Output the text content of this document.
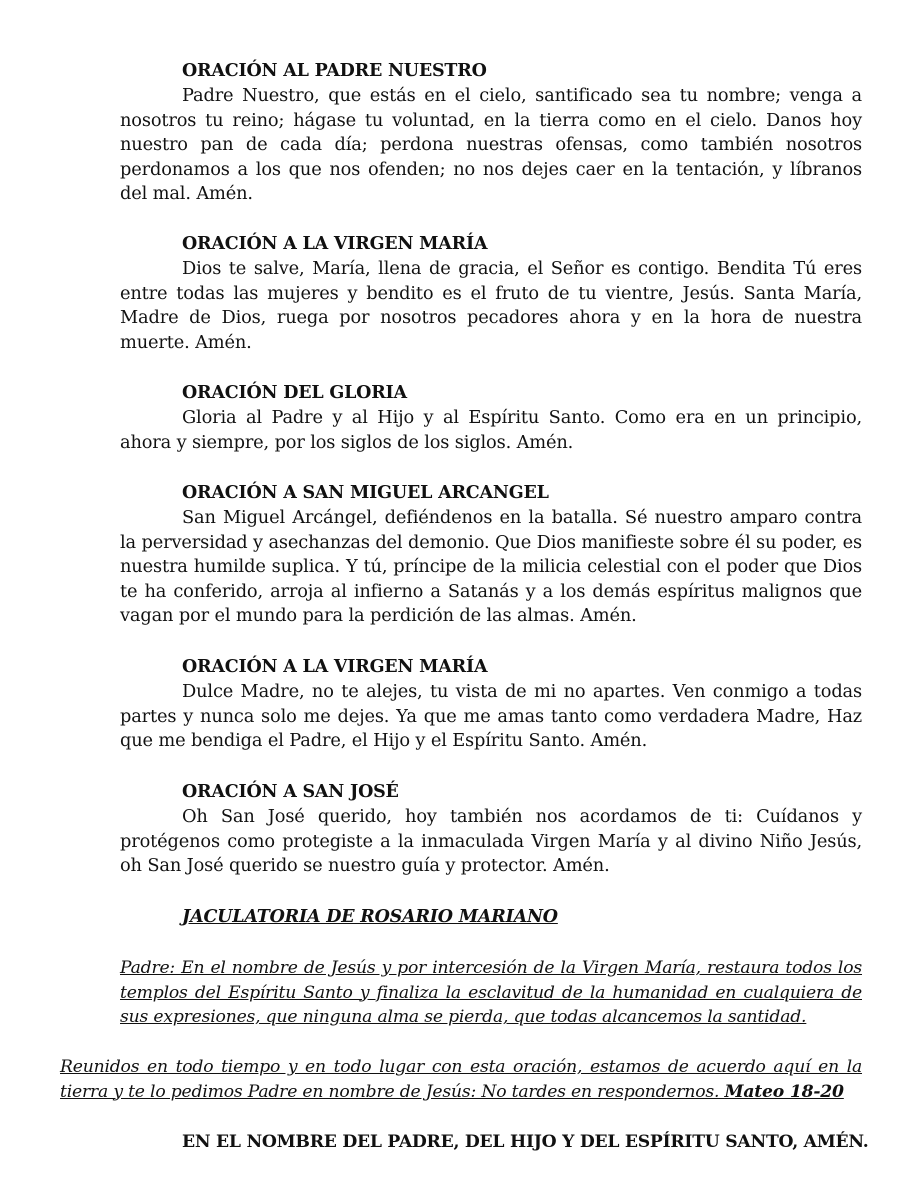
ORACIÓN AL PADRE NUESTRO

Padre Nuestro, que estás en el cielo, santificado sea tu nombre; venga a nosotros tu reino; hágase tu voluntad, en la tierra como en el cielo. Danos hoy nuestro pan de cada día; perdona nuestras ofensas, como también nosotros perdonamos a los que nos ofenden; no nos dejes caer en la tentación, y líbranos del mal. Amén.

ORACIÓN A LA VIRGEN MARÍA

Dios te salve, María, llena de gracia, el Señor es contigo. Bendita Tú eres entre todas las mujeres y bendito es el fruto de tu vientre, Jesús. Santa María, Madre de Dios, ruega por nosotros pecadores ahora y en la hora de nuestra muerte. Amén.

ORACIÓN DEL GLORIA

Gloria al Padre y al Hijo y al Espíritu Santo. Como era en un principio, ahora y siempre, por los siglos de los siglos. Amén.

ORACIÓN A SAN MIGUEL ARCANGEL

San Miguel Arcángel, defiéndenos en la batalla. Sé nuestro amparo contra la perversidad y asechanzas del demonio. Que Dios manifieste sobre él su poder, es nuestra humilde suplica. Y tú, príncipe de la milicia celestial con el poder que Dios te ha conferido, arroja al infierno a Satanás y a los demás espíritus malignos que vagan por el mundo para la perdición de las almas. Amén.

ORACIÓN A LA VIRGEN MARÍA

Dulce Madre, no te alejes, tu vista de mi no apartes. Ven conmigo a todas partes y nunca solo me dejes. Ya que me amas tanto como verdadera Madre, Haz que me bendiga el Padre, el Hijo y el Espíritu Santo. Amén.

ORACIÓN A SAN JOSÉ

Oh San José querido, hoy también nos acordamos de ti: Cuídanos y protégenos como protegiste a la inmaculada Virgen María y al divino Niño Jesús, oh San José querido se nuestro guía y protector. Amén.

JACULATORIA DE ROSARIO MARIANO

Padre: En el nombre de Jesús y por intercesión de la Virgen María, restaura todos los templos del Espíritu Santo y finaliza la esclavitud de la humanidad en cualquiera de sus expresiones, que ninguna alma se pierda, que todas alcancemos la santidad.

Reunidos en todo tiempo y en todo lugar con esta oración, estamos de acuerdo aquí en la tierra y te lo pedimos Padre en nombre de Jesús: No tardes en respondernos. Mateo 18-20

EN EL NOMBRE DEL PADRE, DEL HIJO Y DEL ESPÍRITU SANTO, AMÉN.
